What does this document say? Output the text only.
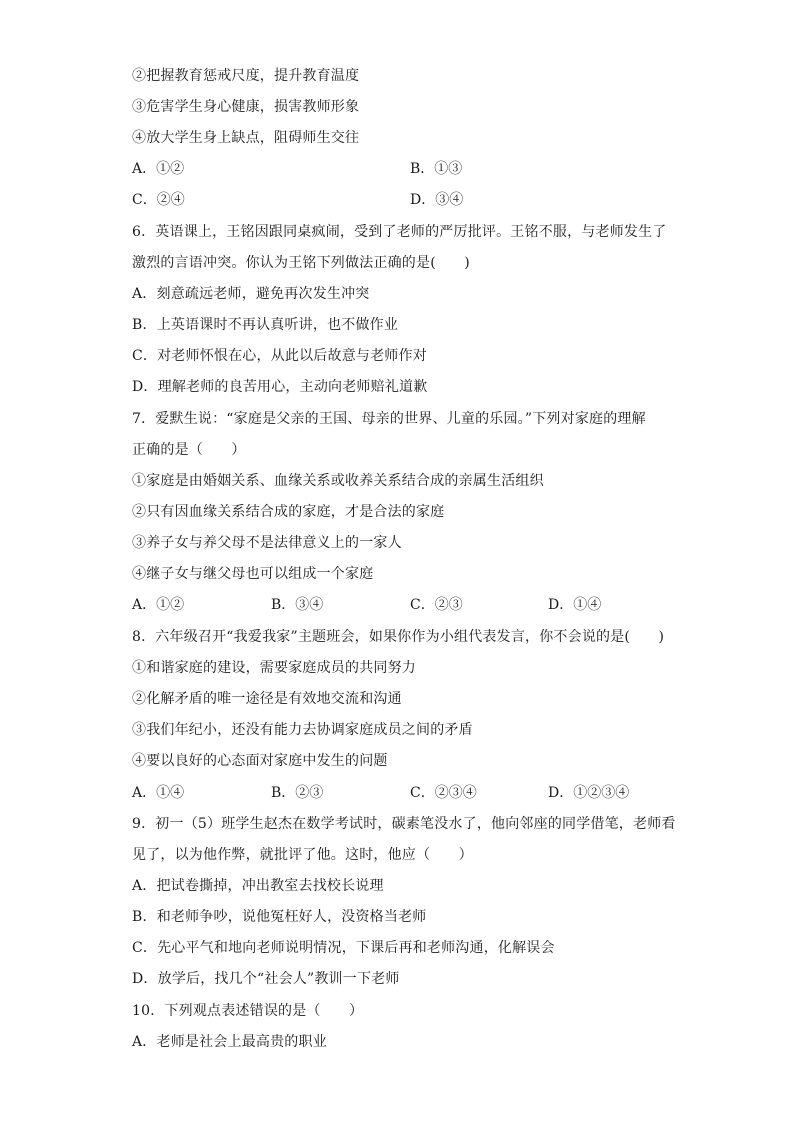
②把握教育惩戒尺度，提升教育温度
③危害学生身心健康，损害教师形象
④放大学生身上缺点，阻碍师生交往
A．①②	B．①③
C．②④	D．③④
6．英语课上，王铭因跟同桌疯闹，受到了老师的严厉批评。王铭不服，与老师发生了
激烈的言语冲突。你认为王铭下列做法正确的是(　　)
A．刻意疏远老师，避免再次发生冲突
B．上英语课时不再认真听讲，也不做作业
C．对老师怀恨在心，从此以后故意与老师作对
D．理解老师的良苦用心，主动向老师赔礼道歉
7．爱默生说：“家庭是父亲的王国、母亲的世界、儿童的乐园。”下列对家庭的理解
正确的是（　　）
①家庭是由婚姻关系、血缘关系或收养关系结合成的亲属生活组织
②只有因血缘关系结合成的家庭，才是合法的家庭
③养子女与养父母不是法律意义上的一家人
④继子女与继父母也可以组成一个家庭
A．①②	B．③④	C．②③	D．①④
8．六年级召开“我爱我家”主题班会，如果你作为小组代表发言，你不会说的是(　　)
①和谐家庭的建设，需要家庭成员的共同努力
②化解矛盾的唯一途径是有效地交流和沟通
③我们年纪小，还没有能力去协调家庭成员之间的矛盾
④要以良好的心态面对家庭中发生的问题
A．①④	B．②③	C．②③④	D．①②③④
9．初一（5）班学生赵杰在数学考试时，碳素笔没水了，他向邻座的同学借笔，老师看
见了，以为他作弊，就批评了他。这时，他应（　　）
A．把试卷撕掉，冲出教室去找校长说理
B．和老师争吵，说他冤枉好人，没资格当老师
C．先心平气和地向老师说明情况，下课后再和老师沟通，化解误会
D．放学后，找几个“社会人”教训一下老师
10．下列观点表述错误的是（　　）
A．老师是社会上最高贵的职业
